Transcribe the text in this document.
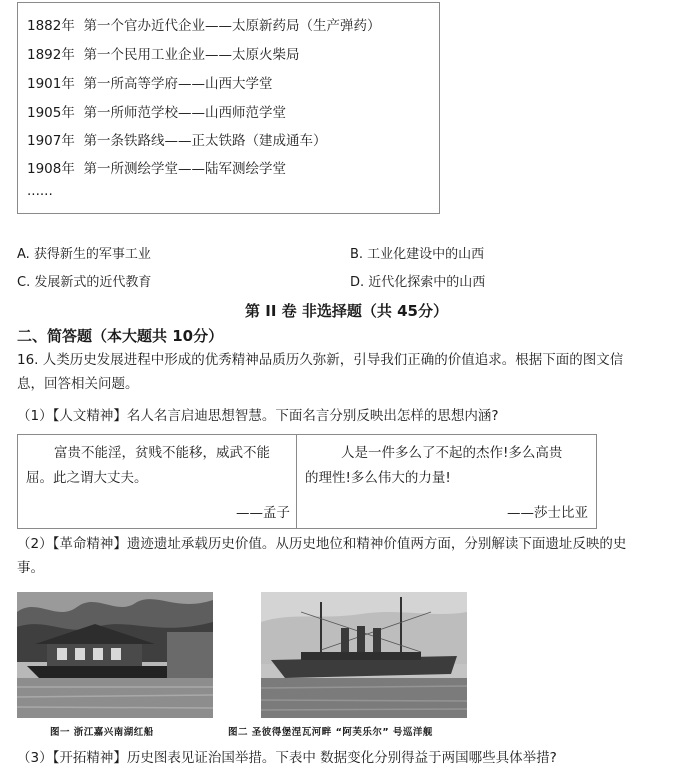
1882年 第一个官办近代企业——太原新药局（生产弹药）
1892年 第一个民用工业企业——太原火柴局
1901年 第一所高等学府——山西大学堂
1905年 第一所师范学校——山西师范学堂
1907年 第一条铁路线——正太铁路（建成通车）
1908年 第一所测绘学堂——陆军测绘学堂
......
A. 获得新生的军事工业	B. 工业化建设中的山西
C. 发展新式的近代教育	D. 近代化探索中的山西
第 II 卷 非选择题（共 45分）
二、简答题（本大题共 10分）
16. 人类历史发展进程中形成的优秀精神品质历久弥新，引导我们正确的价值追求。根据下面的图文信
息，回答相关问题。
（1）【人文精神】名人名言启迪思想智慧。下面名言分别反映出怎样的思想内涵?
富贵不能淫，贫贱不能移，威武不能
屈。此之谓大丈夫。
——孟子
人是一件多么了不起的杰作!多么高贵
的理性!多么伟大的力量!
——莎士比亚
（2）【革命精神】遗迹遗址承载历史价值。从历史地位和精神价值两方面，分别解读下面遗址反映的史
事。
图一 浙江嘉兴南湖红船	图二 圣彼得堡涅瓦河畔 “阿芙乐尔” 号巡洋舰
（3）【开拓精神】历史图表见证治国举措。下表中 数据变化分别得益于两国哪些具体举措?
